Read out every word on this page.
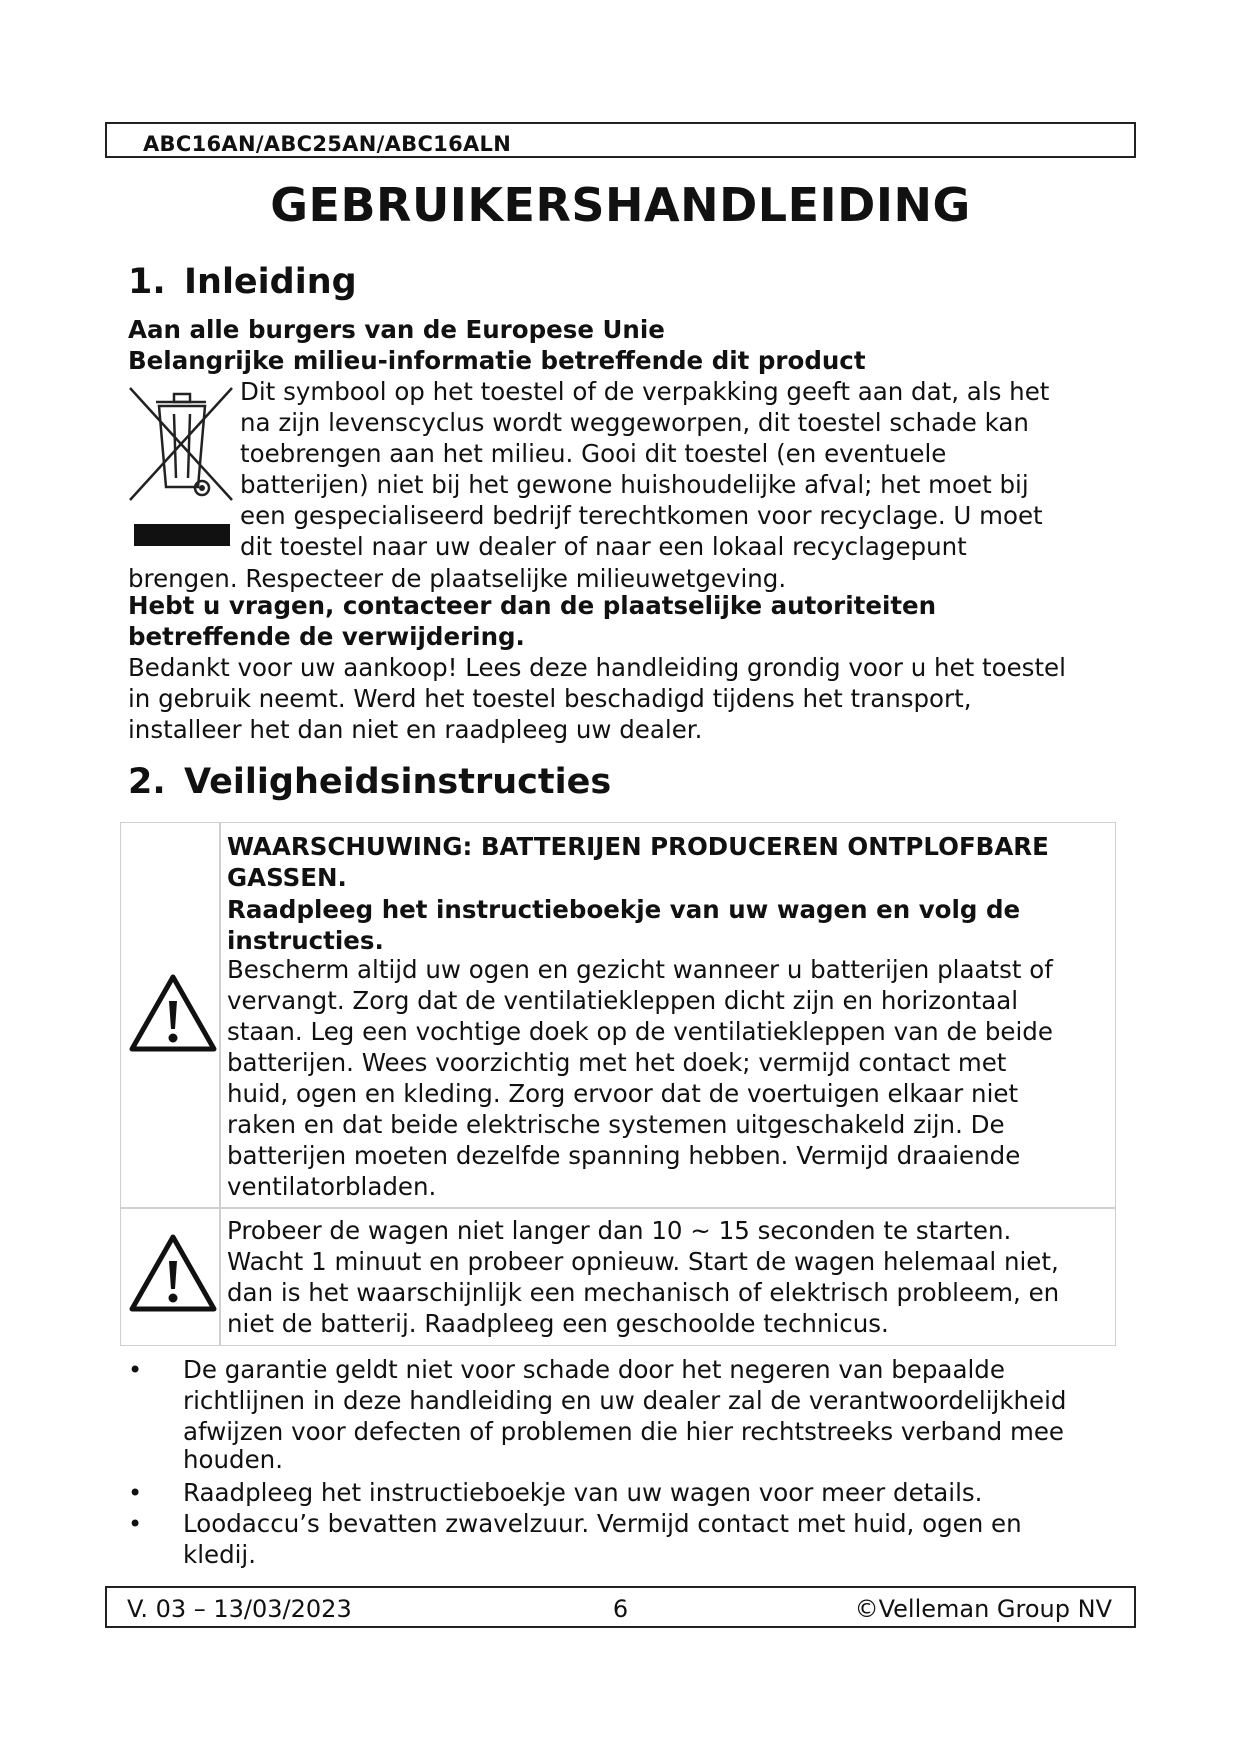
ABC16AN/ABC25AN/ABC16ALN
GEBRUIKERSHANDLEIDING
1. Inleiding
Aan alle burgers van de Europese Unie
Belangrijke milieu-informatie betreffende dit product
Dit symbool op het toestel of de verpakking geeft aan dat, als het
na zijn levenscyclus wordt weggeworpen, dit toestel schade kan
toebrengen aan het milieu. Gooi dit toestel (en eventuele
batterijen) niet bij het gewone huishoudelijke afval; het moet bij
een gespecialiseerd bedrijf terechtkomen voor recyclage. U moet
dit toestel naar uw dealer of naar een lokaal recyclagepunt
brengen. Respecteer de plaatselijke milieuwetgeving.
Hebt u vragen, contacteer dan de plaatselijke autoriteiten
betreffende de verwijdering.
Bedankt voor uw aankoop! Lees deze handleiding grondig voor u het toestel
in gebruik neemt. Werd het toestel beschadigd tijdens het transport,
installeer het dan niet en raadpleeg uw dealer.
2. Veiligheidsinstructies
WAARSCHUWING: BATTERIJEN PRODUCEREN ONTPLOFBARE
GASSEN.
Raadpleeg het instructieboekje van uw wagen en volg de
instructies.
Bescherm altijd uw ogen en gezicht wanneer u batterijen plaatst of
vervangt. Zorg dat de ventilatiekleppen dicht zijn en horizontaal
staan. Leg een vochtige doek op de ventilatiekleppen van de beide
batterijen. Wees voorzichtig met het doek; vermijd contact met
huid, ogen en kleding. Zorg ervoor dat de voertuigen elkaar niet
raken en dat beide elektrische systemen uitgeschakeld zijn. De
batterijen moeten dezelfde spanning hebben. Vermijd draaiende
ventilatorbladen.
Probeer de wagen niet langer dan 10 ~ 15 seconden te starten.
Wacht 1 minuut en probeer opnieuw. Start de wagen helemaal niet,
dan is het waarschijnlijk een mechanisch of elektrisch probleem, en
niet de batterij. Raadpleeg een geschoolde technicus.
• De garantie geldt niet voor schade door het negeren van bepaalde
richtlijnen in deze handleiding en uw dealer zal de verantwoordelijkheid
afwijzen voor defecten of problemen die hier rechtstreeks verband mee
houden.
• Raadpleeg het instructieboekje van uw wagen voor meer details.
• Loodaccu’s bevatten zwavelzuur. Vermijd contact met huid, ogen en
kledij.
V. 03 – 13/03/2023	6	©Velleman Group NV
